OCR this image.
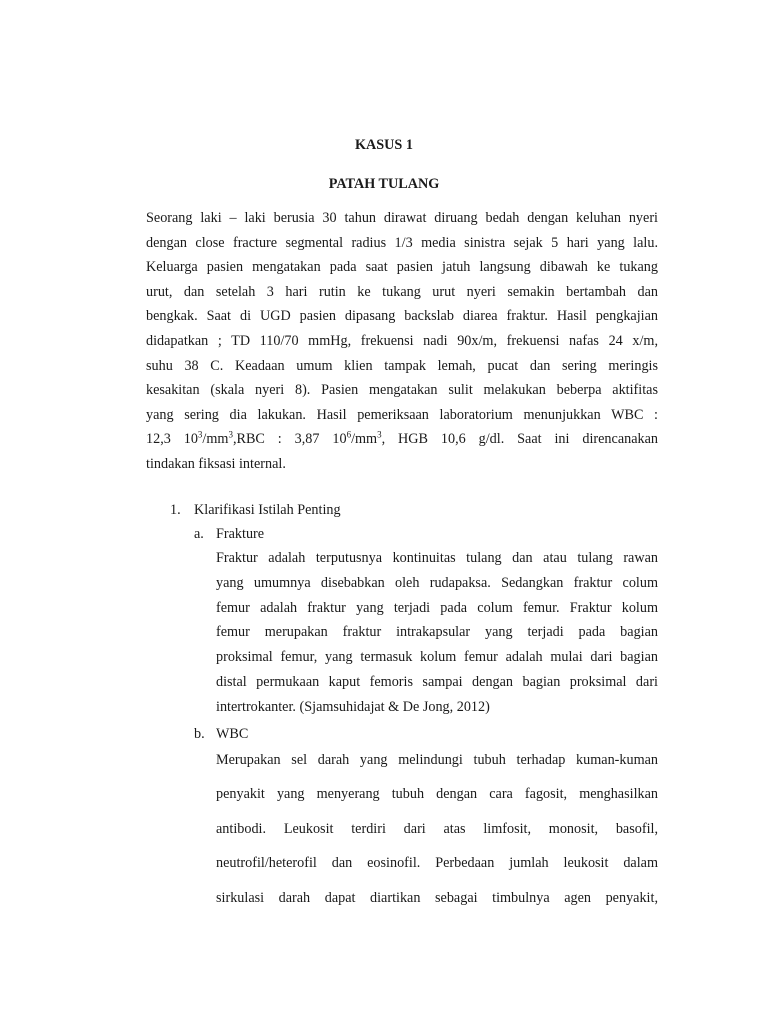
KASUS 1
PATAH TULANG
Seorang laki – laki berusia 30 tahun dirawat diruang bedah dengan keluhan nyeri
dengan close fracture segmental radius 1/3 media sinistra sejak 5 hari yang lalu.
Keluarga pasien mengatakan pada saat pasien jatuh langsung dibawah ke tukang
urut, dan setelah 3 hari rutin ke tukang urut nyeri semakin bertambah dan
bengkak. Saat di UGD pasien dipasang backslab diarea fraktur. Hasil pengkajian
didapatkan ; TD 110/70 mmHg, frekuensi nadi 90x/m, frekuensi nafas 24 x/m,
suhu 38 C. Keadaan umum klien tampak lemah, pucat dan sering meringis
kesakitan (skala nyeri 8). Pasien mengatakan sulit melakukan beberpa aktifitas
yang sering dia lakukan. Hasil pemeriksaan laboratorium menunjukkan WBC :
12,3 $10^3/mm^3,RBC$ : 3,87 $10^6/mm^3$, HGB 10,6 g/dl. Saat ini direncanakan
tindakan fiksasi internal.
1. Klarifikasi Istilah Penting
a. Frakture
Fraktur adalah terputusnya kontinuitas tulang dan atau tulang rawan
yang umumnya disebabkan oleh rudapaksa. Sedangkan fraktur colum
femur adalah fraktur yang terjadi pada colum femur. Fraktur kolum
femur merupakan fraktur intrakapsular yang terjadi pada bagian
proksimal femur, yang termasuk kolum femur adalah mulai dari bagian
distal permukaan kaput femoris sampai dengan bagian proksimal dari
intertrokanter. (Sjamsuhidajat & De Jong, 2012)
b. WBC
Merupakan sel darah yang melindungi tubuh terhadap kuman-kuman
penyakit yang menyerang tubuh dengan cara fagosit, menghasilkan
antibodi. Leukosit terdiri dari atas limfosit, monosit, basofil,
neutrofil/heterofil dan eosinofil. Perbedaan jumlah leukosit dalam
sirkulasi darah dapat diartikan sebagai timbulnya agen penyakit,
